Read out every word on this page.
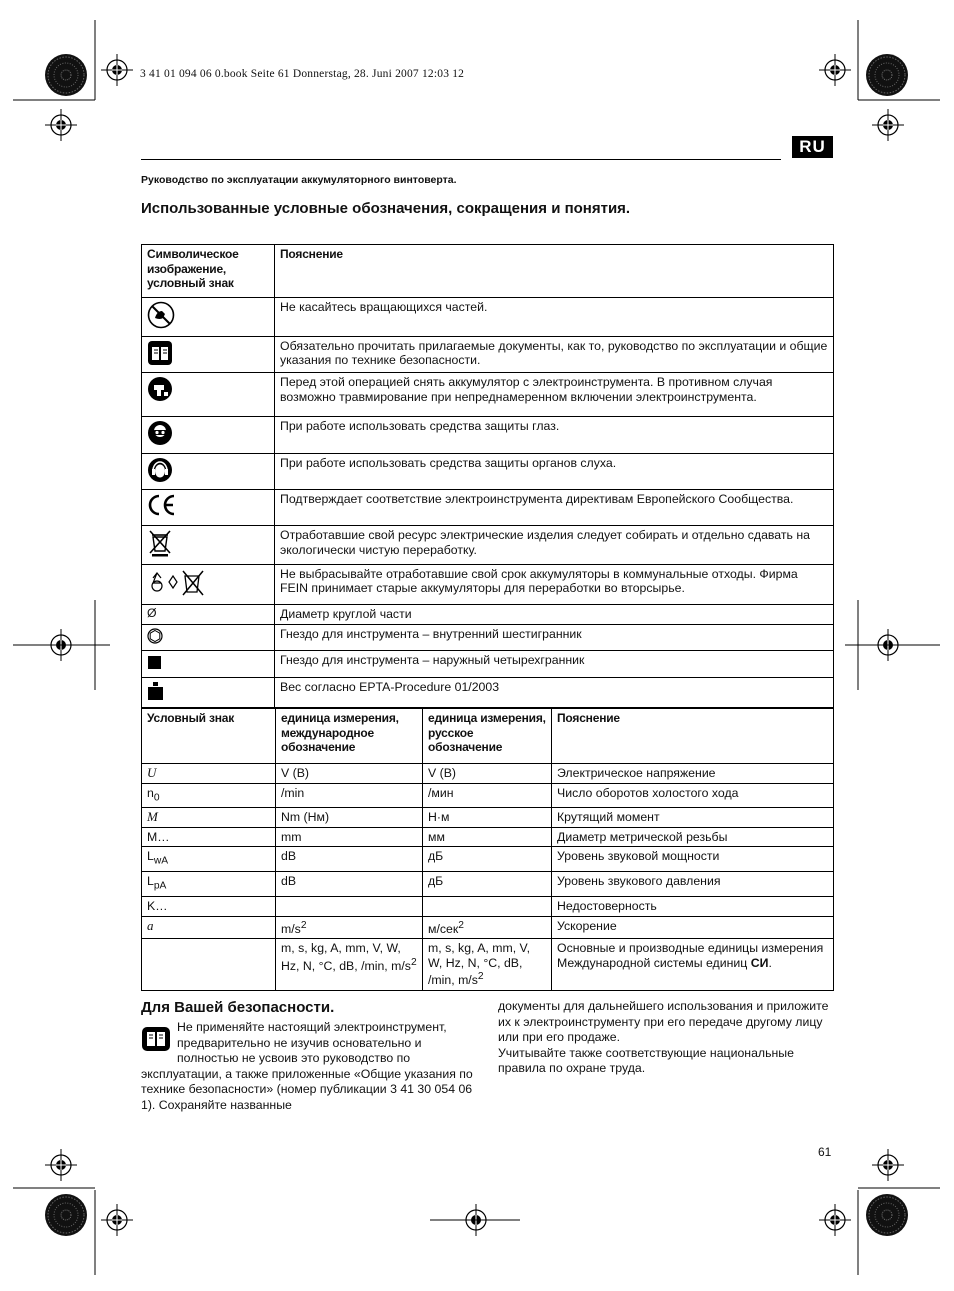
3 41 01 094 06 0.book Seite 61 Donnerstag, 28. Juni 2007 12:03 12
RU
Руководство по эксплуатации аккумуляторного винтоверта.
Использованные условные обозначения, сокращения и понятия.
Символическое изображение, условный знак	Пояснение
	Не касайтесь вращающихся частей.
	Обязательно прочитать прилагаемые документы, как то, руководство по эксплуатации и общие указания по технике безопасности.
	Перед этой операцией снять аккумулятор с электроинструмента. В противном случая возможно травмирование при непреднамеренном включении электроинструмента.
	При работе использовать средства защиты глаз.
	При работе использовать средства защиты органов слуха.
	Подтверждает соответствие электроинструмента директивам Европейского Сообщества.
	Отработавшие свой ресурс электрические изделия следует собирать и отдельно сдавать на экологически чистую переработку.
	Не выбрасывайте отработавшие свой срок аккумуляторы в коммунальные отходы. Фирма FEIN принимает старые аккумуляторы для переработки во вторсырье.
Ø	Диаметр круглой части
	Гнездо для инструмента – внутренний шестигранник
	Гнездо для инструмента – наружный четырехгранник
	Вес согласно EPTA-Procedure 01/2003
Условный знак	единица измерения, международное обозначение	единица измерения, русское обозначение	Пояснение
U	V (B)	V (B)	Электрическое напряжение
$n_0$	/min	/мин	Число оборотов холостого хода
M	Nm (Нм)	Н·м	Крутящий момент
M…	mm	мм	Диаметр метрической резьбы
$L_{wA}$	dB	дБ	Уровень звуковой мощности
$L_{pA}$	dB	дБ	Уровень звукового давления
K…			Недостоверность
a	$m/s^2$	м/сек$^2$	Ускорение
	m, s, kg, A, mm, V, W, Hz, N, °C, dB, /min, $m/s^2$	m, s, kg, A, mm, V, W, Hz, N, °C, dB, /min, $m/s^2$	Основные и производные единицы измерения Международной системы единиц СИ.
Для Вашей безопасности.
Не применяйте настоящий электроинструмент, предварительно не изучив основательно и полностью не усвоив это руководство по эксплуатации, а также приложенные «Общие указания по технике безопасности» (номер публикации 3 41 30 054 06 1). Сохраняйте названные
документы для дальнейшего использования и приложите их к электроинструменту при его передаче другому лицу или при его продаже.
Учитывайте также соответствующие национальные правила по охране труда.
61
